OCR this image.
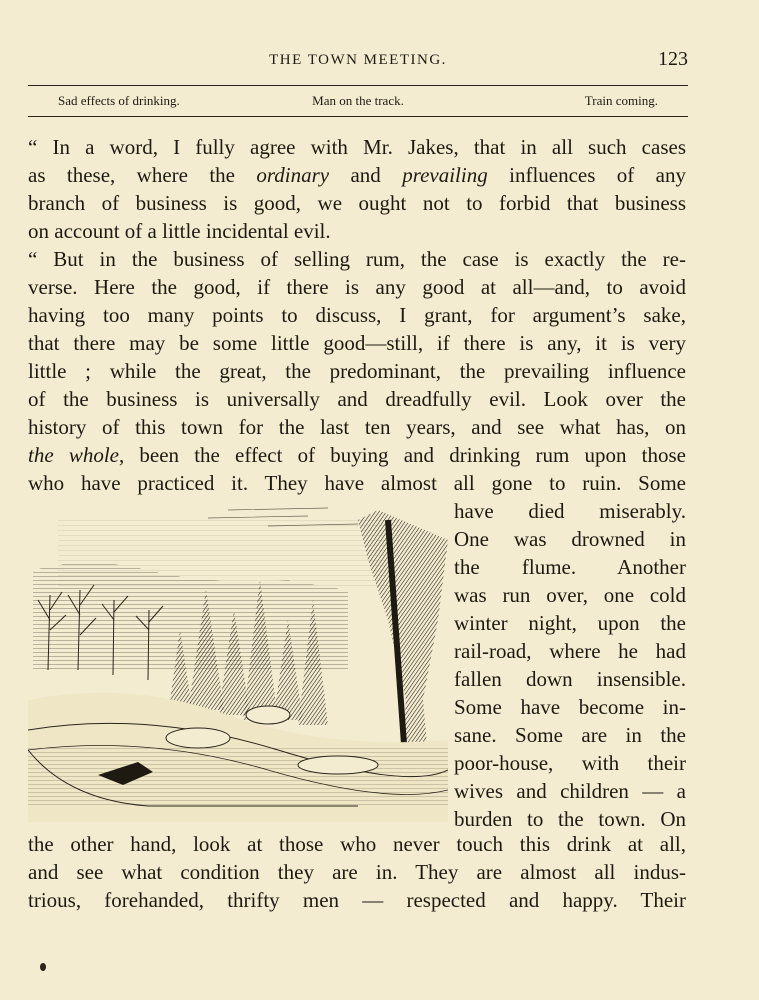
THE TOWN MEETING.	123
Sad effects of drinking.	Man on the track.	Train coming.
“ In a word, I fully agree with Mr. Jakes, that in all such cases
as these, where the ordinary and prevailing influences of any
branch of business is good, we ought not to forbid that business
on account of a little incidental evil.
“ But in the business of selling rum, the case is exactly the re-
verse. Here the good, if there is any good at all—and, to avoid
having too many points to discuss, I grant, for argument’s sake,
that there may be some little good—still, if there is any, it is very
little ; while the great, the predominant, the prevailing influence
of the business is universally and dreadfully evil. Look over the
history of this town for the last ten years, and see what has, on
the whole, been the effect of buying and drinking rum upon those
who have practiced it. They have almost all gone to ruin. Some
have died miserably.
One was drowned in
the flume. Another
was run over, one cold
winter night, upon the
rail-road, where he had
fallen down insensible.
Some have become in-
sane. Some are in the
poor-house, with their
wives and children — a
burden to the town. On
the other hand, look at those who never touch this drink at all,
and see what condition they are in. They are almost all indus-
trious, forehanded, thrifty men — respected and happy. Their
